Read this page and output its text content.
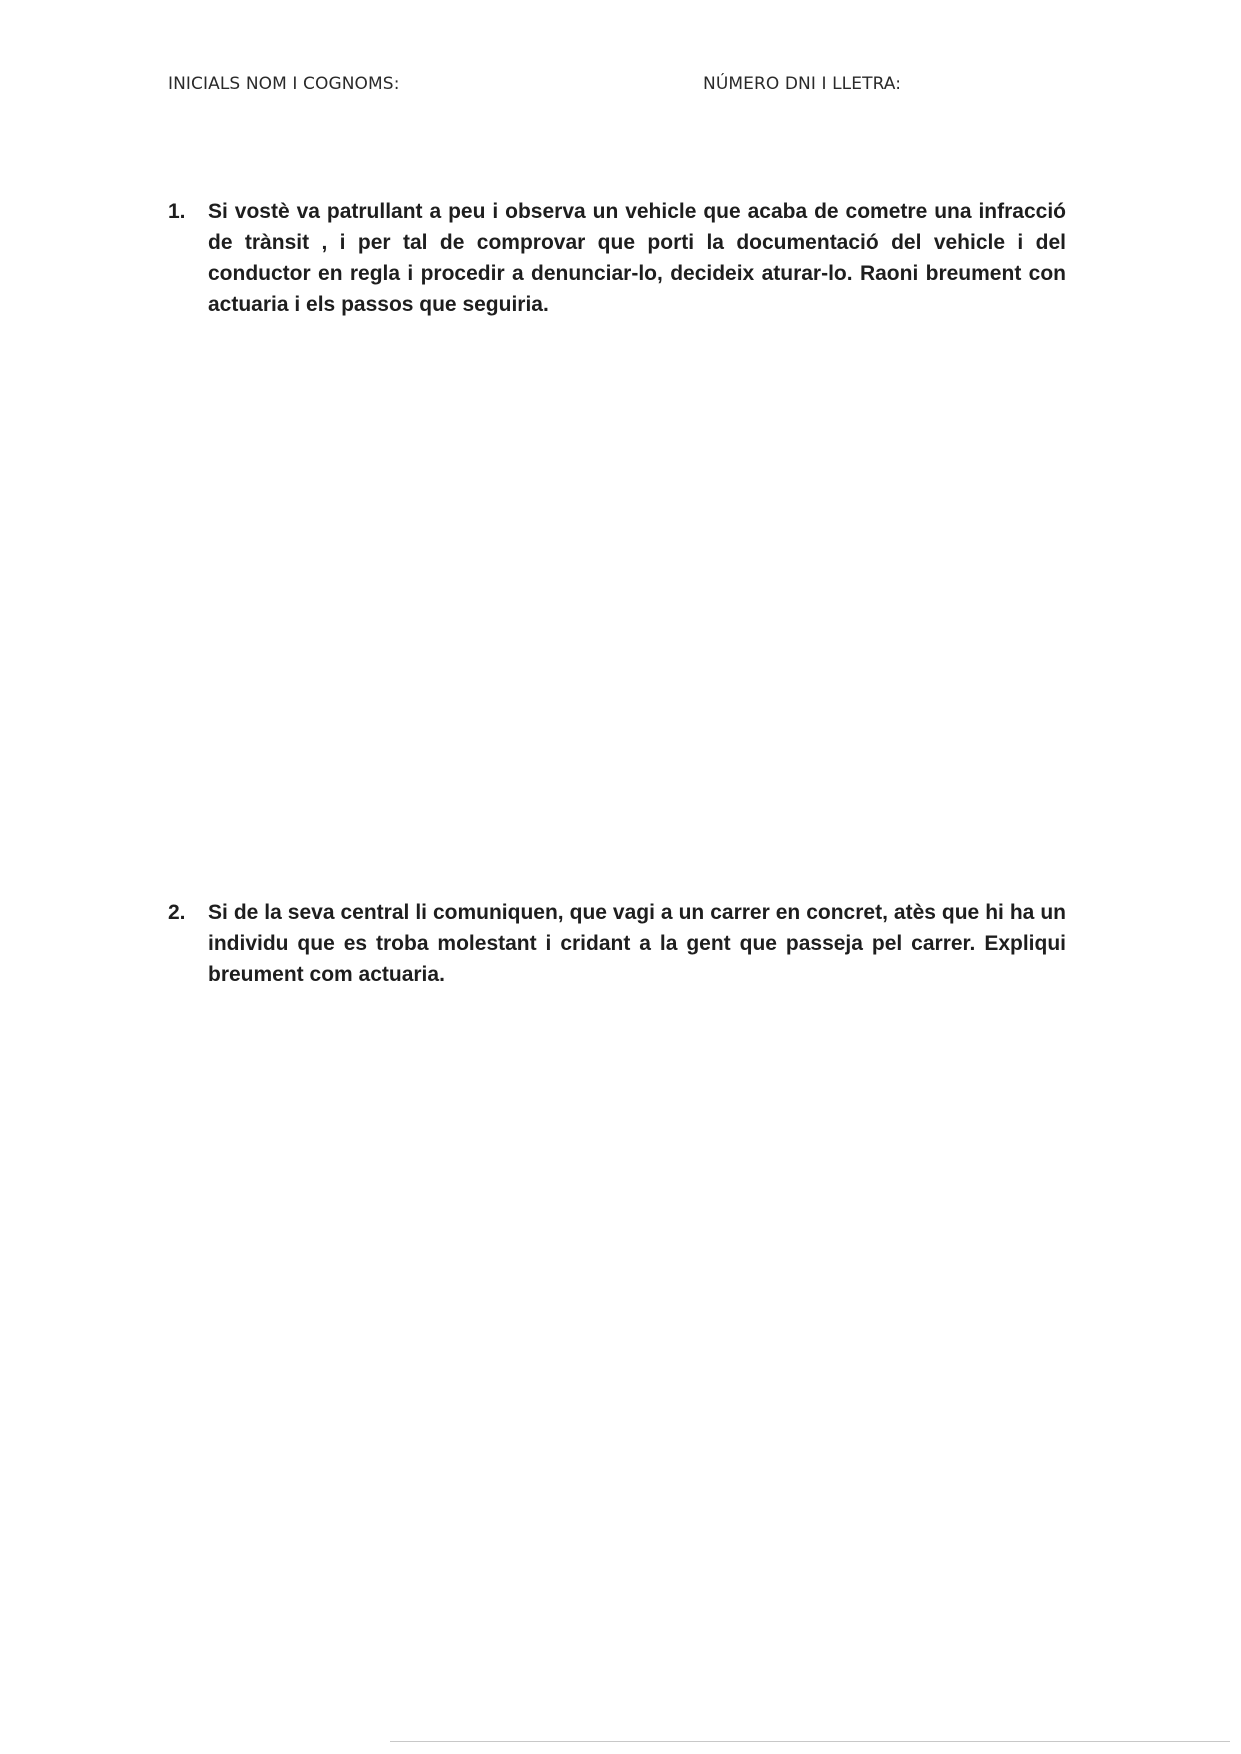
INICIALS NOM I COGNOMS:	NÚMERO DNI I LLETRA:
1.	Si vostè va patrullant a peu i observa un vehicle que acaba de cometre una infracció de trànsit , i per tal de comprovar que porti la documentació del vehicle i del conductor en regla i procedir a denunciar-lo, decideix aturar-lo. Raoni breument con actuaria i els passos que seguiria.
2.	Si de la seva central li comuniquen, que vagi a un carrer en concret, atès que hi ha un individu que es troba molestant i cridant a la gent que passeja pel carrer. Expliqui breument com actuaria.
